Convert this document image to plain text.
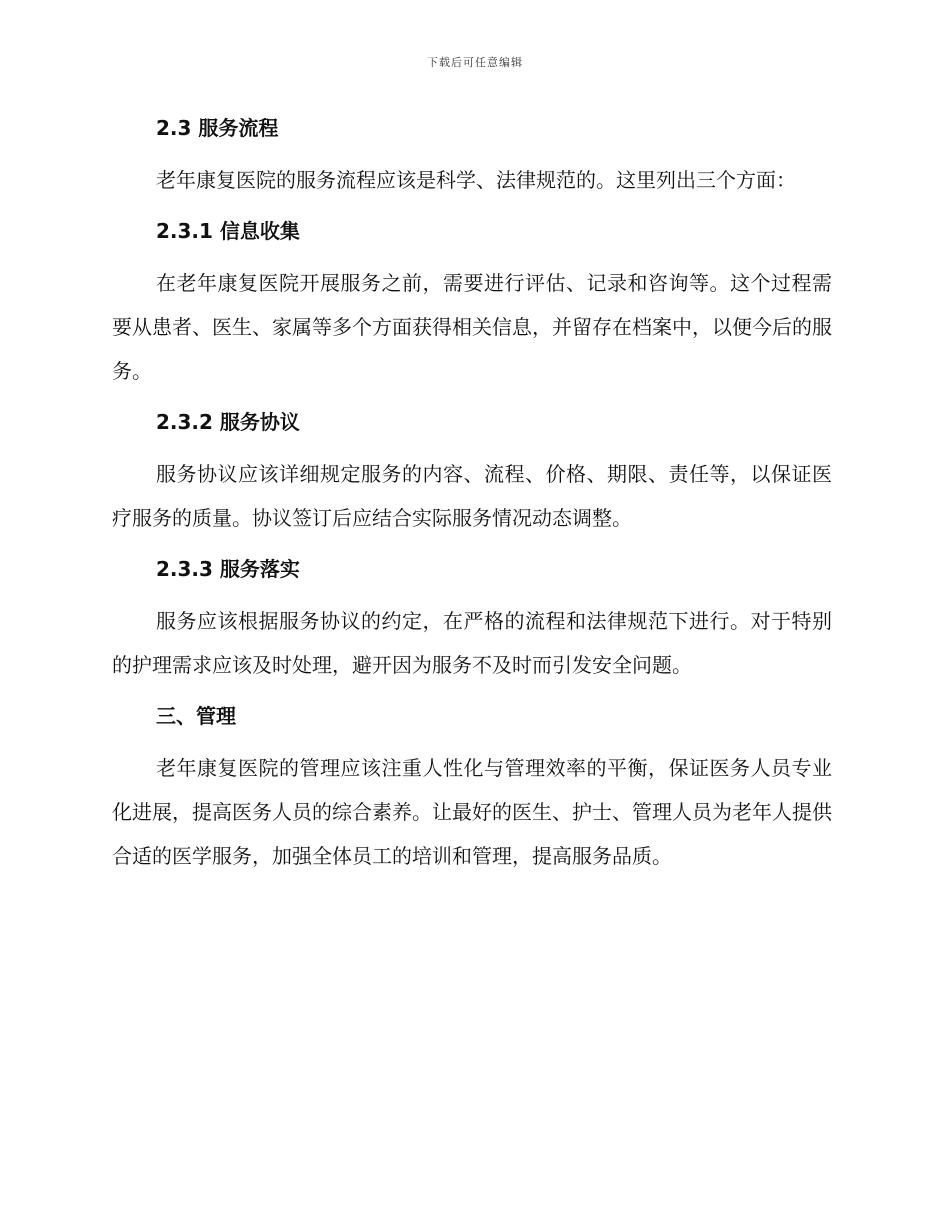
下载后可任意编辑
2.3 服务流程

老年康复医院的服务流程应该是科学、法律规范的。这里列出三个方面：

2.3.1 信息收集

在老年康复医院开展服务之前，需要进行评估、记录和咨询等。这个过程需要从患者、医生、家属等多个方面获得相关信息，并留存在档案中，以便今后的服务。

2.3.2 服务协议

服务协议应该详细规定服务的内容、流程、价格、期限、责任等，以保证医疗服务的质量。协议签订后应结合实际服务情况动态调整。

2.3.3 服务落实

服务应该根据服务协议的约定，在严格的流程和法律规范下进行。对于特别的护理需求应该及时处理，避开因为服务不及时而引发安全问题。

三、管理

老年康复医院的管理应该注重人性化与管理效率的平衡，保证医务人员专业化进展，提高医务人员的综合素养。让最好的医生、护士、管理人员为老年人提供合适的医学服务，加强全体员工的培训和管理，提高服务品质。
